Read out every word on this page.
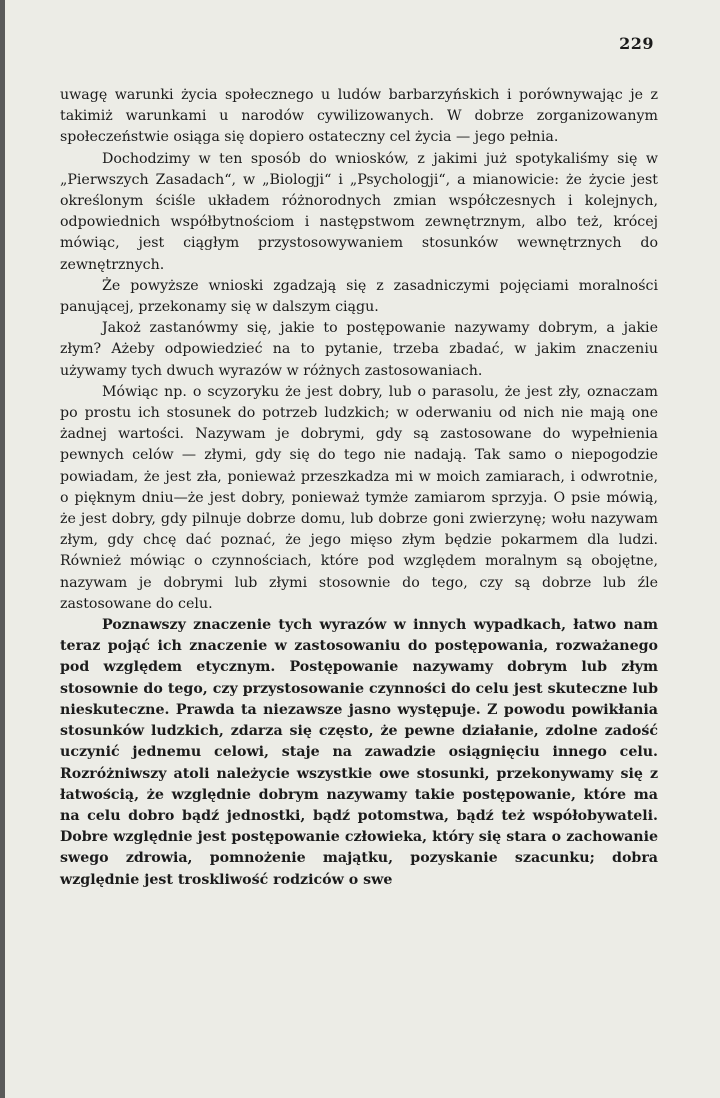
229

uwagę warunki życia społecznego u ludów barbarzyńskich i porównywając je z takimiż warunkami u narodów cywilizowanych. W dobrze zorganizowanym społeczeństwie osiąga się dopiero ostateczny cel życia — jego pełnia.

Dochodzimy w ten sposób do wniosków, z jakimi już spotykaliśmy się w „Pierwszych Zasadach“, w „Biologji“ i „Psychologji“, a mianowicie: że życie jest określonym ściśle układem różnorodnych zmian współczesnych i kolejnych, odpowiednich współbytnościom i następstwom zewnętrznym, albo też, krócej mówiąc, jest ciągłym przystosowywaniem stosunków wewnętrznych do zewnętrznych.

Że powyższe wnioski zgadzają się z zasadniczymi pojęciami moralności panującej, przekonamy się w dalszym ciągu.

Jakoż zastanówmy się, jakie to postępowanie nazywamy dobrym, a jakie złym? Ażeby odpowiedzieć na to pytanie, trzeba zbadać, w jakim znaczeniu używamy tych dwuch wyrazów w różnych zastosowaniach.

Mówiąc np. o scyzoryku że jest dobry, lub o parasolu, że jest zły, oznaczam po prostu ich stosunek do potrzeb ludzkich; w oderwaniu od nich nie mają one żadnej wartości. Nazywam je dobrymi, gdy są zastosowane do wypełnienia pewnych celów — złymi, gdy się do tego nie nadają. Tak samo o niepogodzie powiadam, że jest zła, ponieważ przeszkadza mi w moich zamiarach, i odwrotnie, o pięknym dniu—że jest dobry, ponieważ tymże zamiarom sprzyja. O psie mówią, że jest dobry, gdy pilnuje dobrze domu, lub dobrze goni zwierzynę; wołu nazywam złym, gdy chcę dać poznać, że jego mięso złym będzie pokarmem dla ludzi. Również mówiąc o czynnościach, które pod względem moralnym są obojętne, nazywam je dobrymi lub złymi stosownie do tego, czy są dobrze lub źle zastosowane do celu.

Poznawszy znaczenie tych wyrazów w innych wypadkach, łatwo nam teraz pojąć ich znaczenie w zastosowaniu do postępowania, rozważanego pod względem etycznym. Postępowanie nazywamy dobrym lub złym stosownie do tego, czy przystosowanie czynności do celu jest skuteczne lub nieskuteczne. Prawda ta niezawsze jasno występuje. Z powodu powikłania stosunków ludzkich, zdarza się często, że pewne działanie, zdolne zadość uczynić jednemu celowi, staje na zawadzie osiągnięciu innego celu. Rozróżniwszy atoli należycie wszystkie owe stosunki, przekonywamy się z łatwością, że względnie dobrym nazywamy takie postępowanie, które ma na celu dobro bądź jednostki, bądź potomstwa, bądź też współobywateli. Dobre względnie jest postępowanie człowieka, który się stara o zachowanie swego zdrowia, pomnożenie majątku, pozyskanie szacunku; dobra względnie jest troskliwość rodziców o swe
